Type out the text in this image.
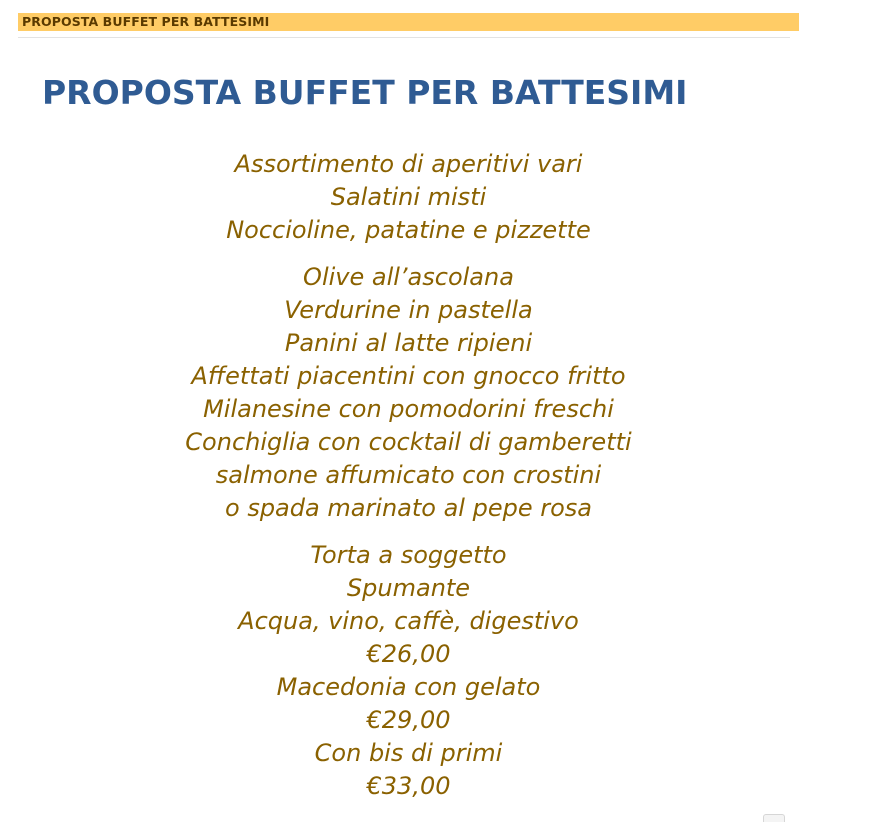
PROPOSTA BUFFET PER BATTESIMI
PROPOSTA BUFFET PER BATTESIMI
Assortimento di aperitivi vari
Salatini misti
Noccioline, patatine e pizzette
Olive all’ascolana
Verdurine in pastella
Panini al latte ripieni
Affettati piacentini con gnocco fritto
Milanesine con pomodorini freschi
Conchiglia con cocktail di gamberetti
salmone affumicato con crostini
o spada marinato al pepe rosa
Torta a soggetto
Spumante
Acqua, vino, caffè, digestivo
€26,00
Macedonia con gelato
€29,00
Con bis di primi
€33,00
